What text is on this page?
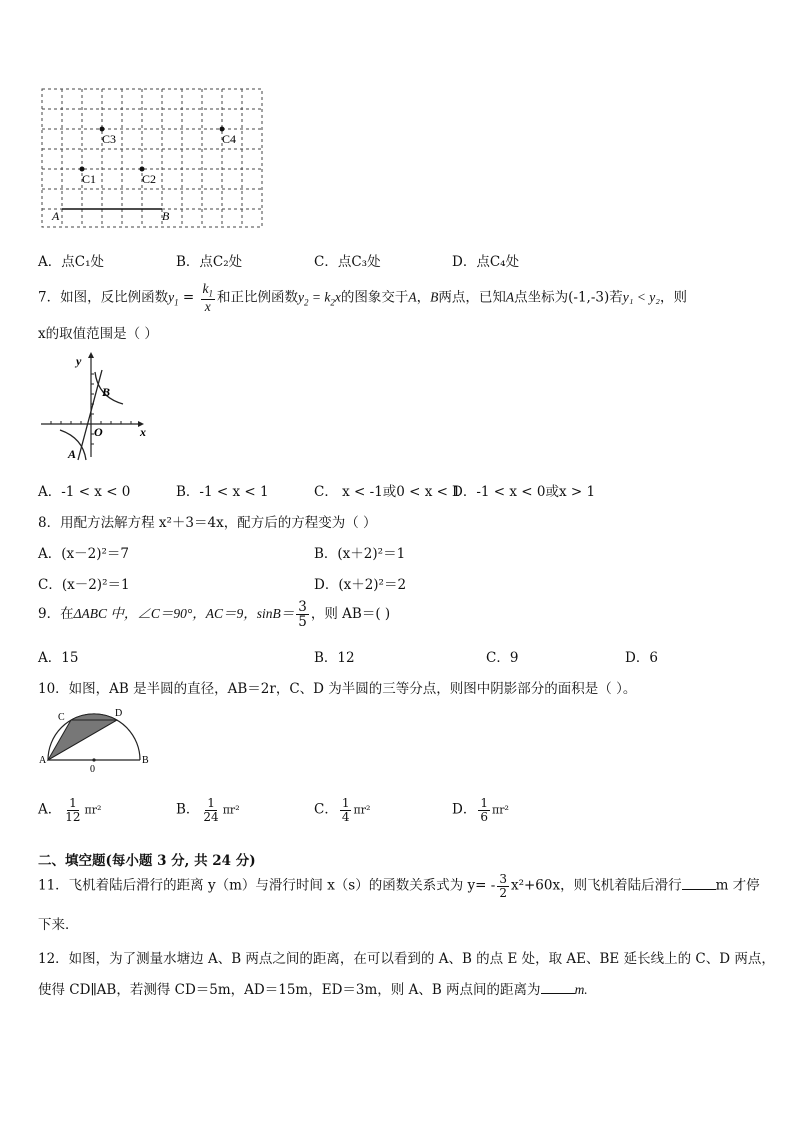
C3	C4
C1	C2
A	B
A．点C₁处	B．点C₂处	C．点C₃处	D．点C₄处
7．如图，反比例函数$y_1 = \frac{k_1}{x}$ 和正比例函数$y_2 = k_2x$的图象交于A，B两点，已知A点坐标为(-1,-3)若y₁ < y₂，则
x的取值范围是（ ）
y
x
O
B
A
A．-1 < x < 0	B．-1 < x < 1	C． x < -1或0 < x < 1
D．-1 < x < 0或x > 1
8．用配方法解方程 x²＋3＝4x，配方后的方程变为（ ）
A．(x－2)²＝7	B．(x＋2)²＝1
C．(x－2)²＝1	D．(x＋2)²＝2
9．在ΔABC 中，∠C＝90°，AC＝9，$\sin B= \frac{3}{5}$ ，则 AB＝( )
A．15	B．12	C．9	D．6
10．如图，AB 是半圆的直径，AB＝2r，C、D 为半圆的三等分点，则图中阴影部分的面积是（ ）。
C	D
A
0
B
A． $\frac{1}{12} \pi r^2$	B． $\frac{1}{24} \pi r^2$	C． $\frac{1}{4} \pi r^2$	D． $\frac{1}{6} \pi r^2$
二、填空题(每小题 3 分, 共 24 分)
11．飞机着陆后滑行的距离 y（m）与滑行时间 x（s）的函数关系式为 $y= - \frac{3}{2} x^2+60x$，则飞机着陆后滑行	m 才停
下来．
12．如图，为了测量水塘边 A、B 两点之间的距离，在可以看到的 A、B 的点 E 处，取 AE、BE 延长线上的 C、D 两点，
使得 CD∥AB，若测得 CD＝5m，AD＝15m，ED＝3m，则 A、B 两点间的距离为	m.
